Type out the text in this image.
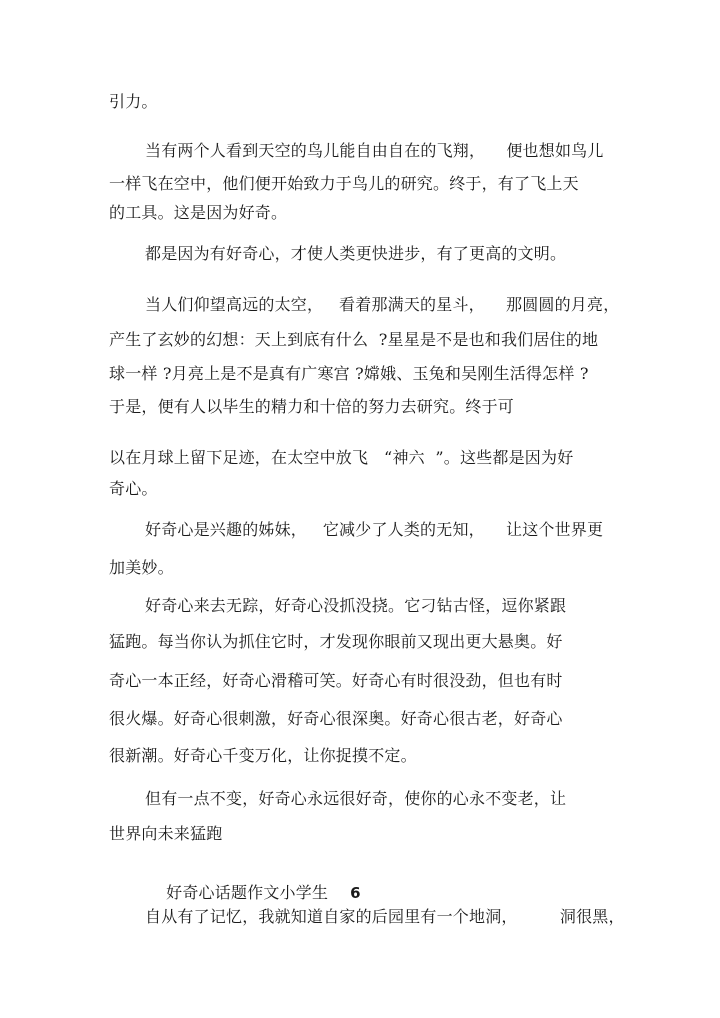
引力。
当有两个人看到天空的鸟儿能自由自在的飞翔，    便也想如鸟儿
一样飞在空中，他们便开始致力于鸟儿的研究。终于，有了飞上天
的工具。这是因为好奇。
都是因为有好奇心，才使人类更快进步，有了更高的文明。
当人们仰望高远的太空，   看着那满天的星斗，    那圆圆的月亮，
产生了玄妙的幻想：天上到底有什么  ?星星是不是也和我们居住的地
球一样 ?月亮上是不是真有广寒宫 ?嫦娥、玉兔和吴刚生活得怎样 ?
于是，便有人以毕生的精力和十倍的努力去研究。终于可
以在月球上留下足迹，在太空中放飞   “神六  ”。这些都是因为好
奇心。
好奇心是兴趣的姊妹，   它减少了人类的无知，    让这个世界更
加美妙。
好奇心来去无踪，好奇心没抓没挠。它刁钻古怪，逗你紧跟
猛跑。每当你认为抓住它时，才发现你眼前又现出更大悬奥。好
奇心一本正经，好奇心滑稽可笑。好奇心有时很没劲，但也有时
很火爆。好奇心很刺激，好奇心很深奥。好奇心很古老，好奇心
很新潮。好奇心千变万化，让你捉摸不定。
但有一点不变，好奇心永远很好奇，使你的心永不变老，让
世界向未来猛跑

好奇心话题作文小学生 6

自从有了记忆，我就知道自家的后园里有一个地洞，        洞很黑，
